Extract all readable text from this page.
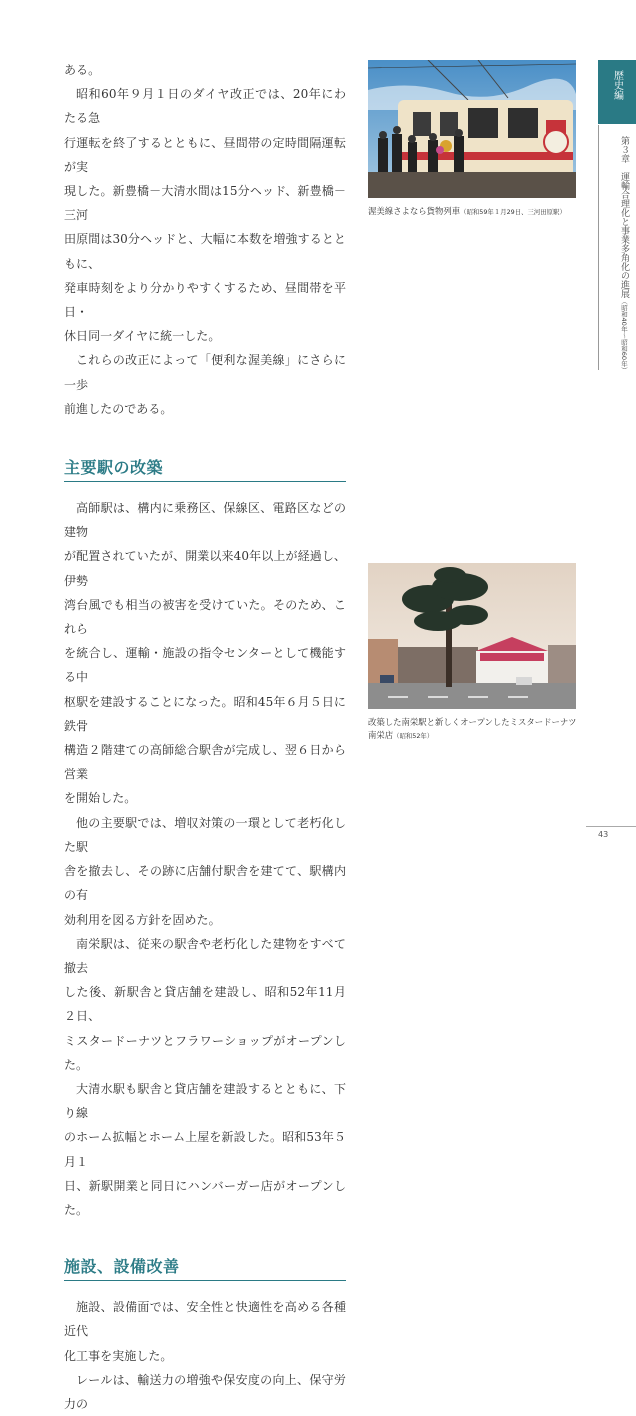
ある。

昭和60年９月１日のダイヤ改正では、20年にわたる急
行運転を終了するとともに、昼間帯の定時間隔運転が実
現した。新豊橋－大清水間は15分ヘッド、新豊橋－三河
田原間は30分ヘッドと、大幅に本数を増強するとともに、
発車時刻をより分かりやすくするため、昼間帯を平日・
休日同一ダイヤに統一した。

これらの改正によって「便利な渥美線」にさらに一歩
前進したのである。

主要駅の改築

高師駅は、構内に乗務区、保線区、電路区などの建物
が配置されていたが、開業以来40年以上が経過し、伊勢
湾台風でも相当の被害を受けていた。そのため、これら
を統合し、運輸・施設の指令センターとして機能する中
枢駅を建設することになった。昭和45年６月５日に鉄骨
構造２階建ての高師総合駅舎が完成し、翌６日から営業
を開始した。

他の主要駅では、増収対策の一環として老朽化した駅
舎を撤去し、その跡に店舗付駅舎を建てて、駅構内の有
効利用を図る方針を固めた。

南栄駅は、従来の駅舎や老朽化した建物をすべて撤去
した後、新駅舎と貸店舗を建設し、昭和52年11月２日、
ミスタードーナツとフラワーショップがオープンした。

大清水駅も駅舎と貸店舗を建設するとともに、下り線
のホーム拡幅とホーム上屋を新設した。昭和53年５月１
日、新駅開業と同日にハンバーガー店がオープンした。

施設、設備改善

施設、設備面では、安全性と快適性を高める各種近代
化工事を実施した。

レールは、輸送力の増強や保安度の向上、保守労力の

渥美線さよなら貨物列車（昭和59年１月29日、三河田原駅）
改築した南栄駅と新しくオープンしたミスタードーナツ
南栄店（昭和52年）
歴史編
第３章　運輸合理化と事業多角化の進展（昭和40年〜昭和60年）
43
